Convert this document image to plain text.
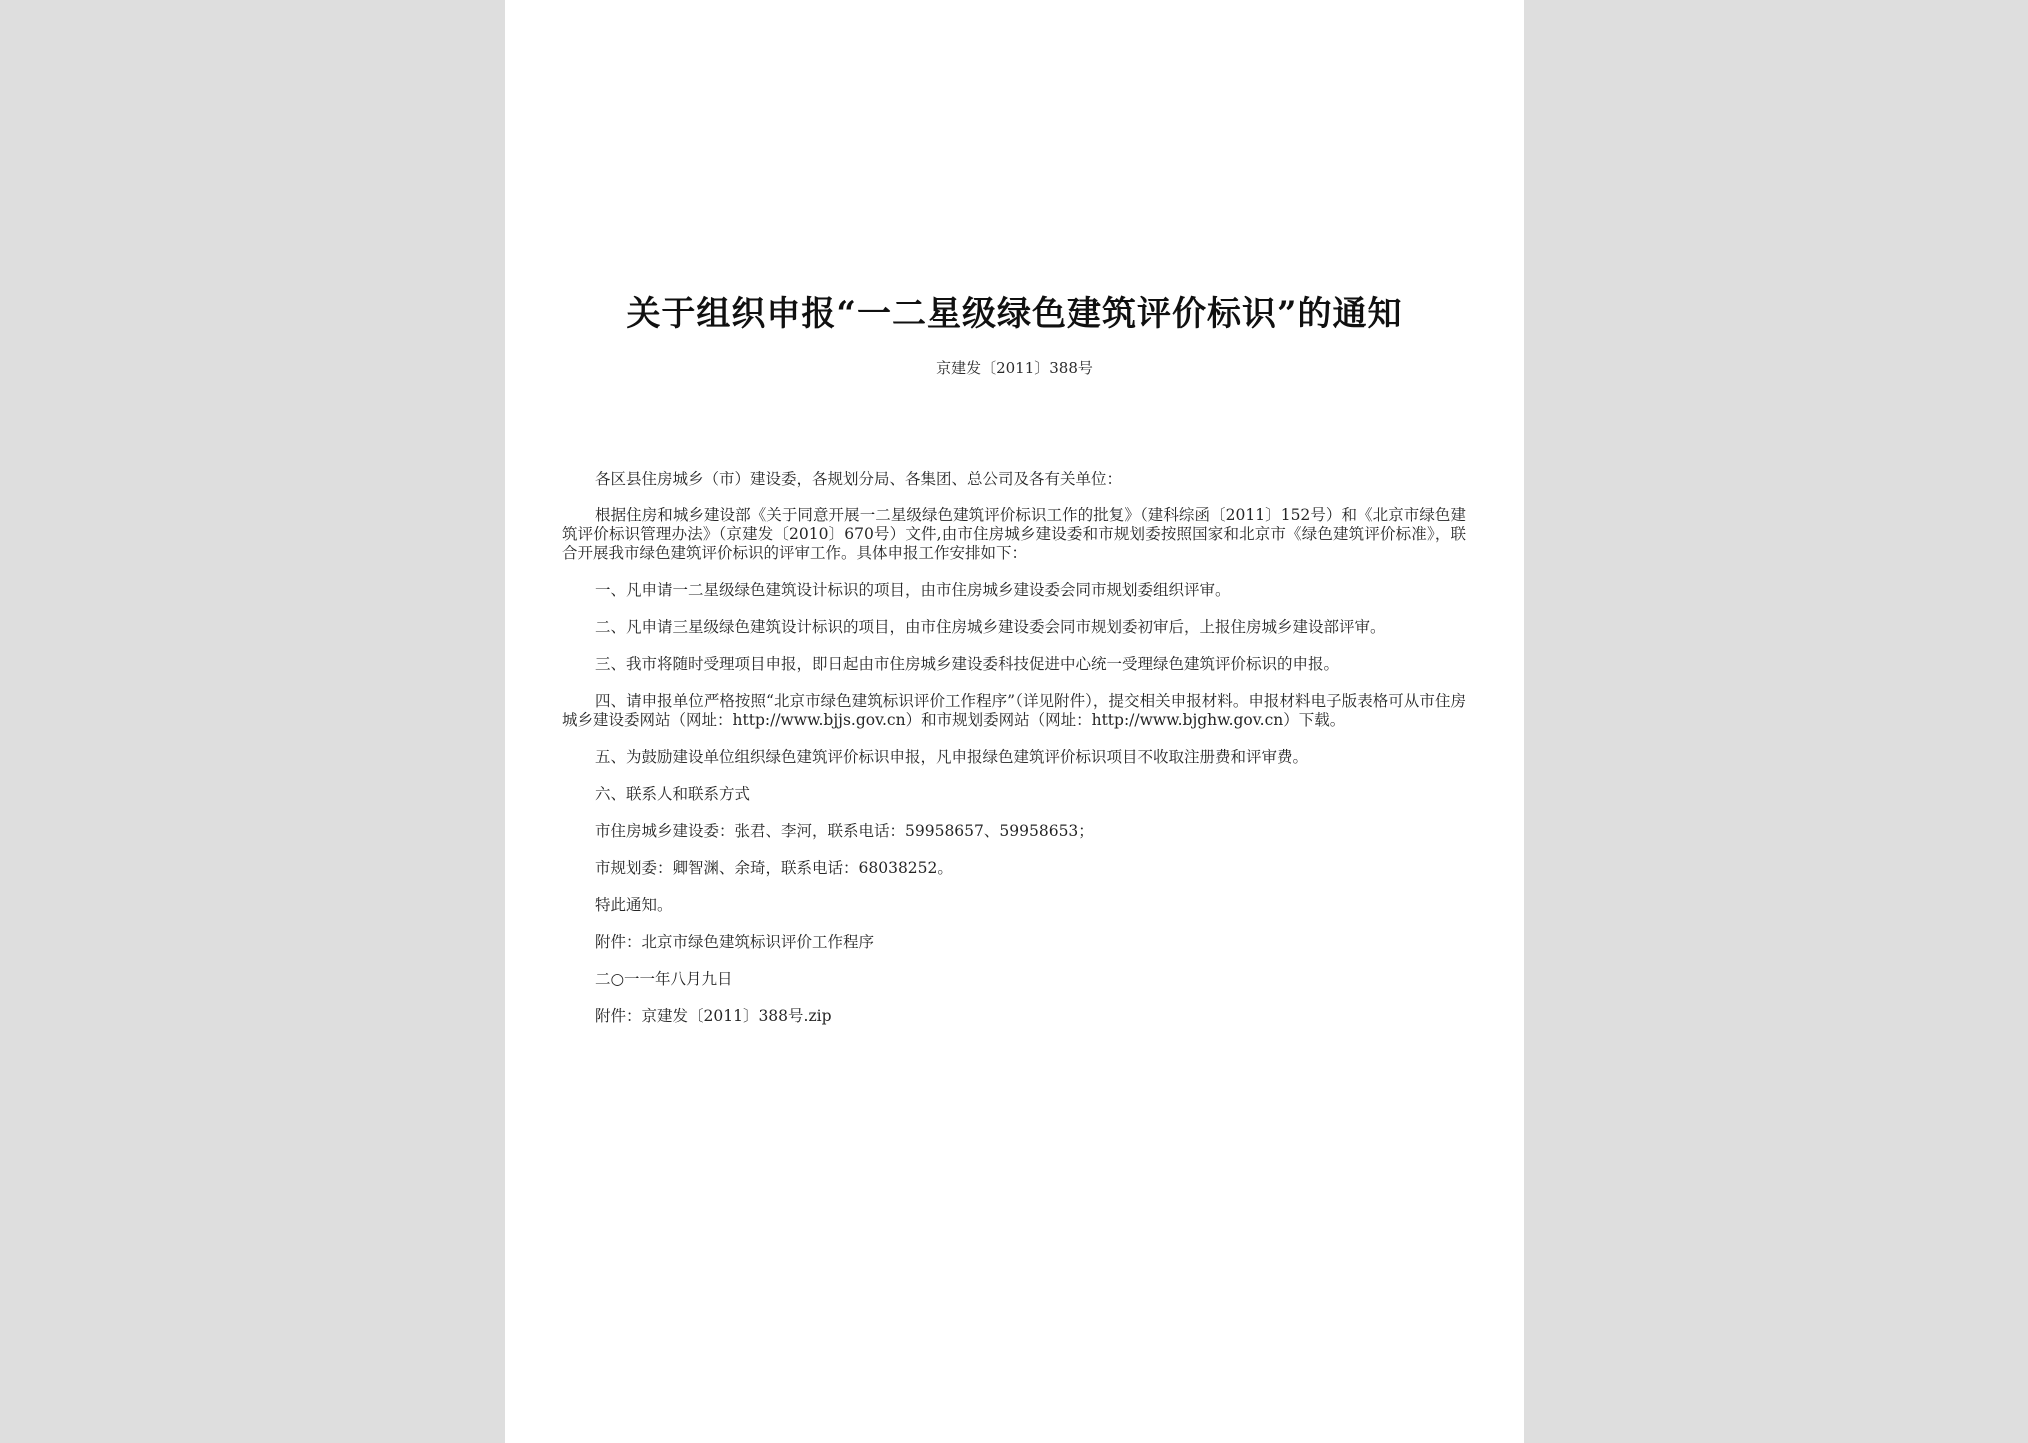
关于组织申报“一二星级绿色建筑评价标识”的通知
京建发〔2011〕388号

各区县住房城乡（市）建设委，各规划分局、各集团、总公司及各有关单位：

根据住房和城乡建设部《关于同意开展一二星级绿色建筑评价标识工作的批复》（建科综函〔2011〕152号）和《北京市绿色建筑评价标识管理办法》（京建发〔2010〕670号）文件,由市住房城乡建设委和市规划委按照国家和北京市《绿色建筑评价标准》，联合开展我市绿色建筑评价标识的评审工作。具体申报工作安排如下：

一、凡申请一二星级绿色建筑设计标识的项目，由市住房城乡建设委会同市规划委组织评审。

二、凡申请三星级绿色建筑设计标识的项目，由市住房城乡建设委会同市规划委初审后，上报住房城乡建设部评审。

三、我市将随时受理项目申报，即日起由市住房城乡建设委科技促进中心统一受理绿色建筑评价标识的申报。

四、请申报单位严格按照“北京市绿色建筑标识评价工作程序”（详见附件），提交相关申报材料。申报材料电子版表格可从市住房城乡建设委网站（网址：http://www.bjjs.gov.cn）和市规划委网站（网址：http://www.bjghw.gov.cn）下载。

五、为鼓励建设单位组织绿色建筑评价标识申报，凡申报绿色建筑评价标识项目不收取注册费和评审费。

六、联系人和联系方式

市住房城乡建设委：张君、李河，联系电话：59958657、59958653；

市规划委：卿智渊、余琦，联系电话：68038252。

特此通知。

附件：北京市绿色建筑标识评价工作程序

二○一一年八月九日

附件：京建发〔2011〕388号.zip
